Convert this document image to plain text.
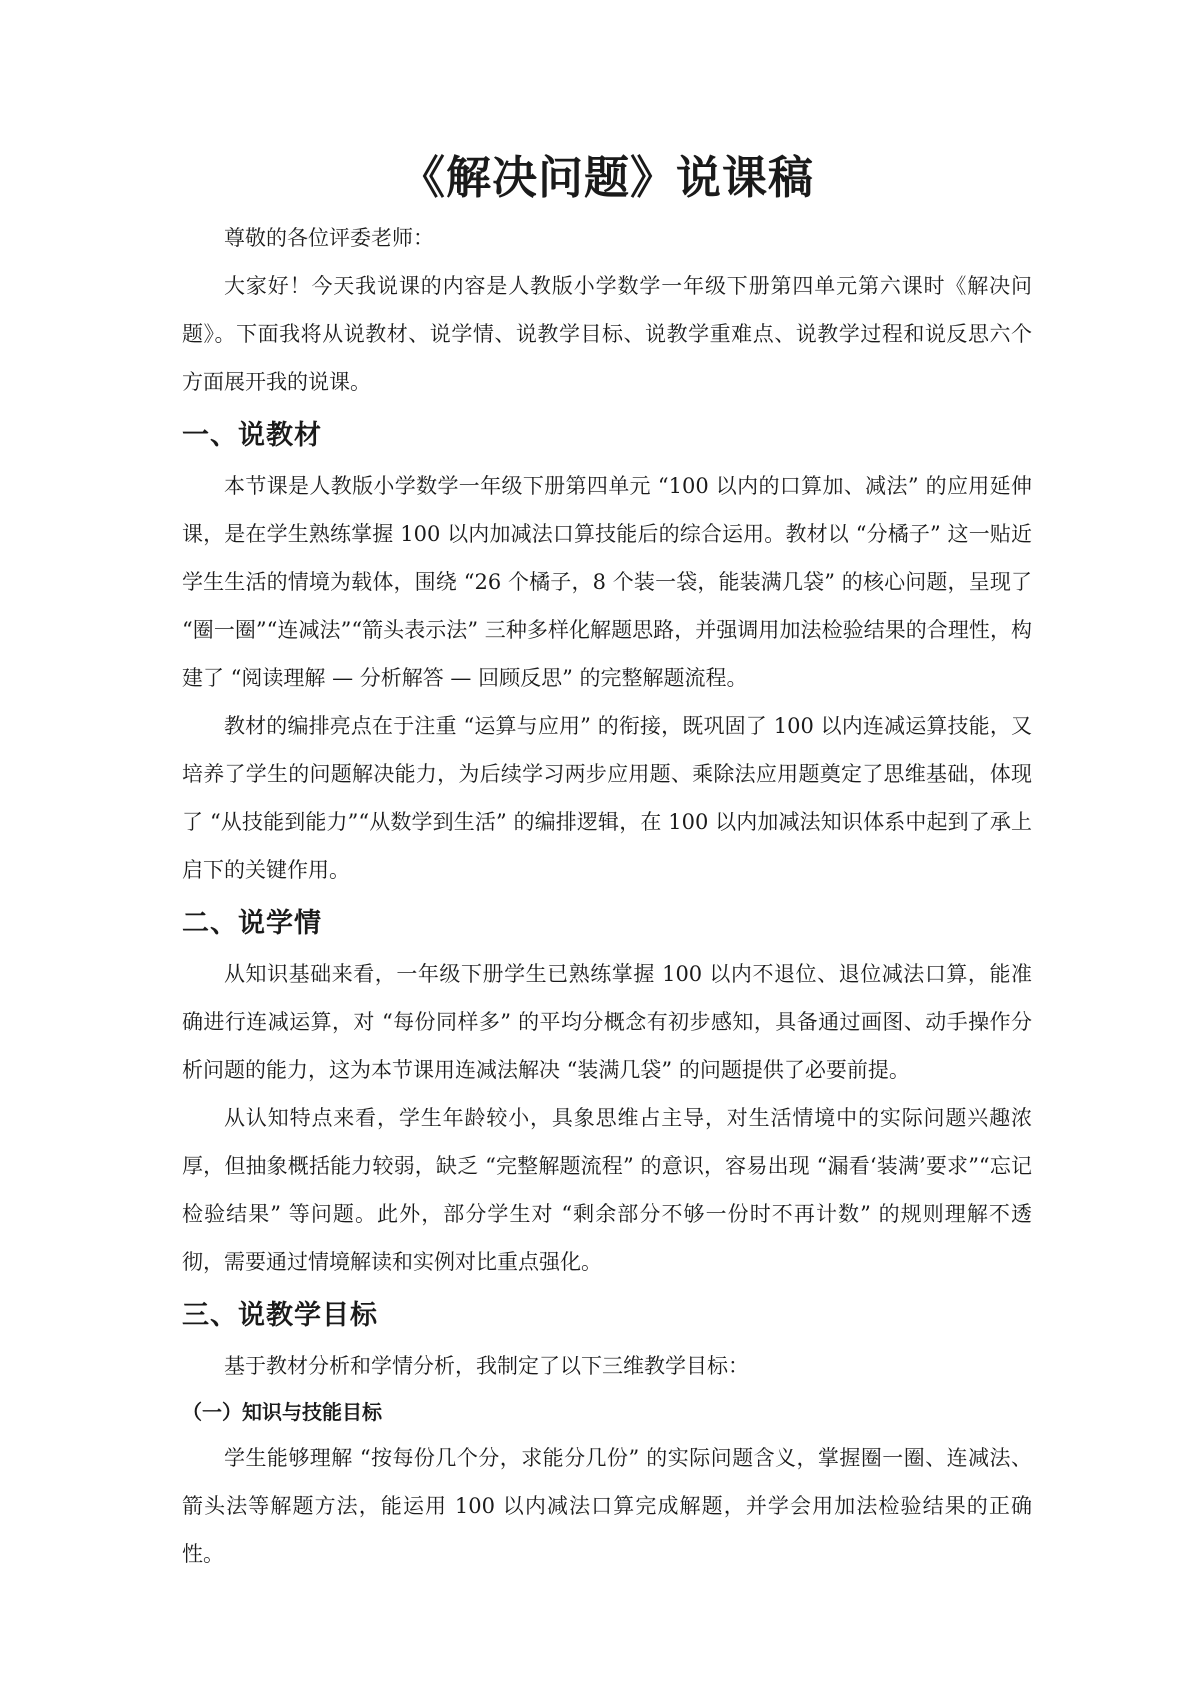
《解决问题》说课稿

尊敬的各位评委老师：

大家好！今天我说课的内容是人教版小学数学一年级下册第四单元第六课时《解决问题》。下面我将从说教材、说学情、说教学目标、说教学重难点、说教学过程和说反思六个方面展开我的说课。

一、说教材

本节课是人教版小学数学一年级下册第四单元 “100 以内的口算加、减法” 的应用延伸课，是在学生熟练掌握 100 以内加减法口算技能后的综合运用。教材以 “分橘子” 这一贴近学生生活的情境为载体，围绕 “26 个橘子，8 个装一袋，能装满几袋” 的核心问题，呈现了 “圈一圈”“连减法”“箭头表示法” 三种多样化解题思路，并强调用加法检验结果的合理性，构建了 “阅读理解 — 分析解答 — 回顾反思” 的完整解题流程。

教材的编排亮点在于注重 “运算与应用” 的衔接，既巩固了 100 以内连减运算技能，又培养了学生的问题解决能力，为后续学习两步应用题、乘除法应用题奠定了思维基础，体现了 “从技能到能力”“从数学到生活” 的编排逻辑，在 100 以内加减法知识体系中起到了承上启下的关键作用。

二、说学情

从知识基础来看，一年级下册学生已熟练掌握 100 以内不退位、退位减法口算，能准确进行连减运算，对 “每份同样多” 的平均分概念有初步感知，具备通过画图、动手操作分析问题的能力，这为本节课用连减法解决 “装满几袋” 的问题提供了必要前提。

从认知特点来看，学生年龄较小，具象思维占主导，对生活情境中的实际问题兴趣浓厚，但抽象概括能力较弱，缺乏 “完整解题流程” 的意识，容易出现 “漏看‘装满’要求”“忘记检验结果” 等问题。此外，部分学生对 “剩余部分不够一份时不再计数” 的规则理解不透彻，需要通过情境解读和实例对比重点强化。

三、说教学目标

基于教材分析和学情分析，我制定了以下三维教学目标：

（一）知识与技能目标

学生能够理解 “按每份几个分，求能分几份” 的实际问题含义，掌握圈一圈、连减法、箭头法等解题方法，能运用 100 以内减法口算完成解题，并学会用加法检验结果的正确性。
